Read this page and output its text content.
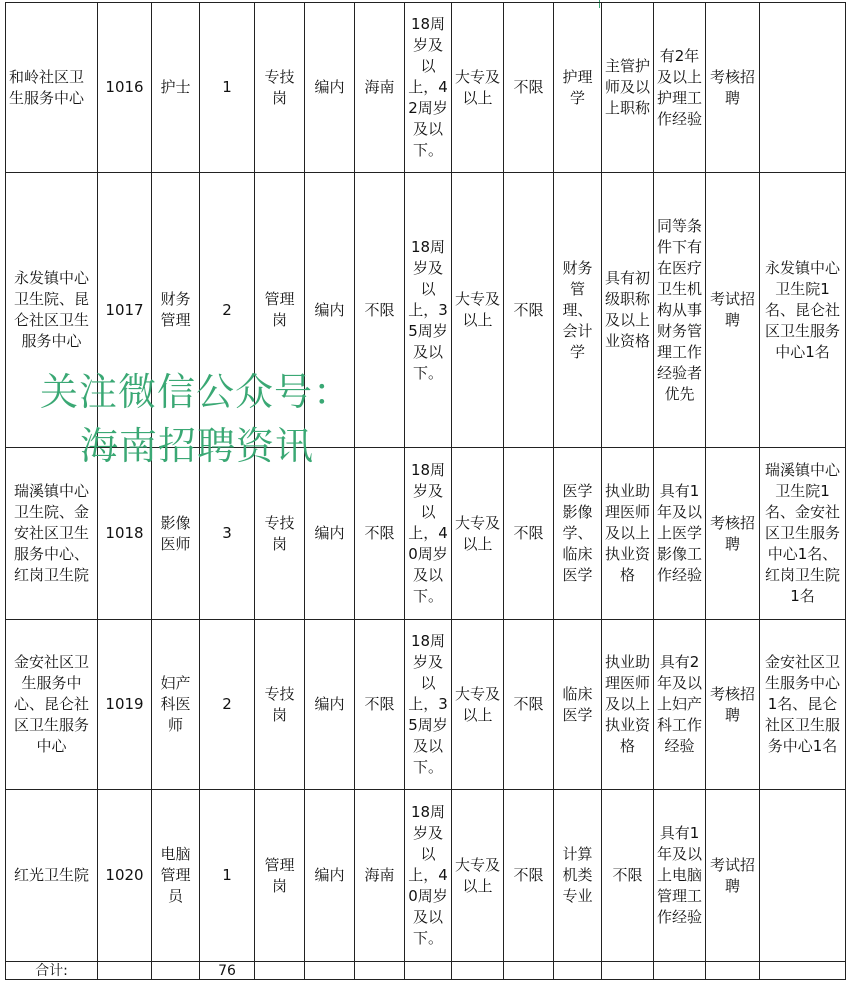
和岭社区卫生服务中心	1016	护士	1	专技岗	编内	海南	18周岁及以上，42周岁及以下。	大专及以上	不限	护理学	主管护师及以上职称	有2年及以上护理工作经验	考核招聘	
永发镇中心卫生院、昆仑社区卫生服务中心	1017	财务管理	2	管理岗	编内	不限	18周岁及以上，35周岁及以下。	大专及以上	不限	财务管理、会计学	具有初级职称及以上业资格	同等条件下有在医疗卫生机构从事财务管理工作经验者优先	考试招聘	永发镇中心卫生院1名、昆仑社区卫生服务中心1名
瑞溪镇中心卫生院、金安社区卫生服务中心、红岗卫生院	1018	影像医师	3	专技岗	编内	不限	18周岁及以上，40周岁及以下。	大专及以上	不限	医学影像学、临床医学	执业助理医师及以上执业资格	具有1年及以上医学影像工作经验	考核招聘	瑞溪镇中心卫生院1名、金安社区卫生服务中心1名、红岗卫生院1名
金安社区卫生服务中心、昆仑社区卫生服务中心	1019	妇产科医师	2	专技岗	编内	不限	18周岁及以上，35周岁及以下。	大专及以上	不限	临床医学	执业助理医师及以上执业资格	具有2年及以上妇产科工作经验	考核招聘	金安社区卫生服务中心1名、昆仑社区卫生服务中心1名
红光卫生院	1020	电脑管理员	1	管理岗	编内	海南	18周岁及以上，40周岁及以下。	大专及以上	不限	计算机类专业	不限	具有1年及以上电脑管理工作经验	考试招聘	
合计:			76											
关注微信公众号：
海南招聘资讯
